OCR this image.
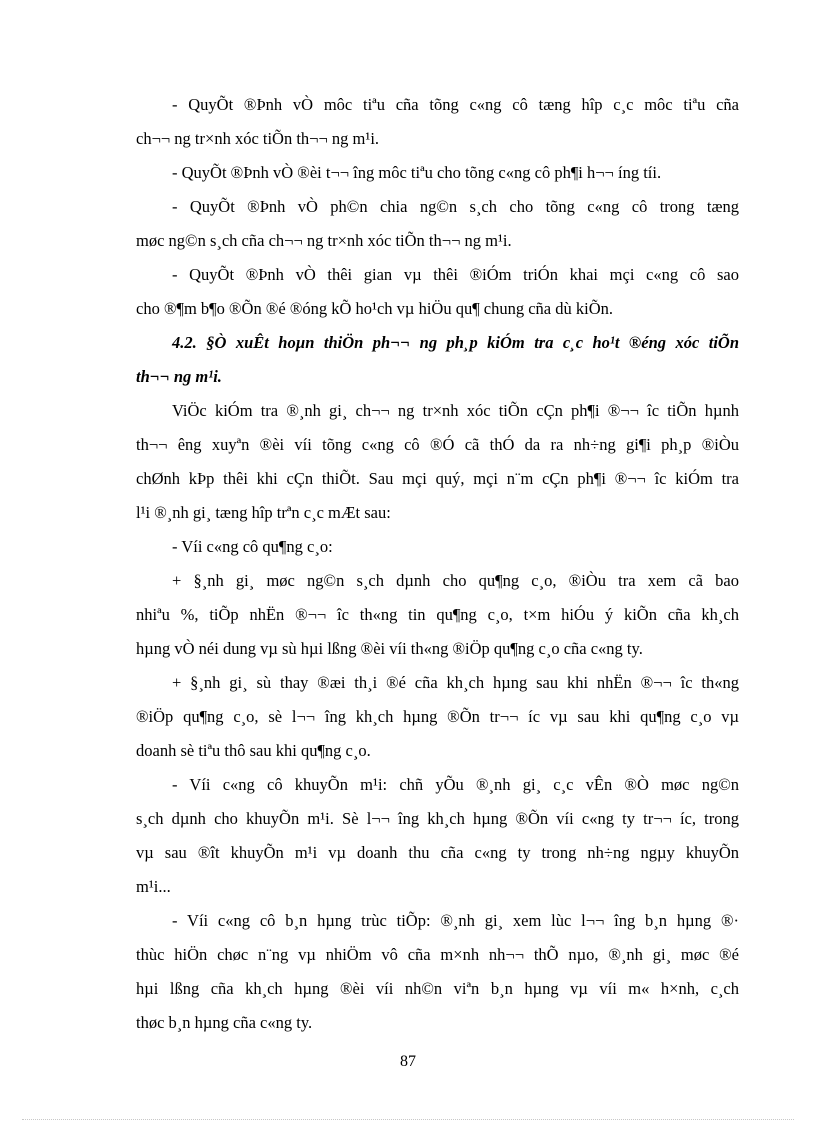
- QuyÕt ®Þnh vÒ môc tiªu cña tõng c«ng cô tæng hîp c¸c môc tiªu cña
ch¬¬ ng tr×nh xóc tiÕn th¬¬ ng m¹i.
- QuyÕt ®Þnh vÒ ®èi t¬¬ îng môc tiªu cho tõng c«ng cô ph¶i h¬¬ íng tíi.
- QuyÕt ®Þnh vÒ ph©n chia ng©n s¸ch cho tõng c«ng cô trong tæng
møc ng©n s¸ch cña ch¬¬ ng tr×nh xóc tiÕn th¬¬ ng m¹i.
- QuyÕt ®Þnh vÒ thêi gian vµ thêi ®iÓm triÓn khai mçi c«ng cô sao
cho ®¶m b¶o ®Õn ®é ®óng kÕ ho¹ch vµ hiÖu qu¶ chung cña dù kiÕn.
4.2. §Ò xuÊt hoµn thiÖn ph¬¬ ng ph¸p kiÓm tra c¸c ho¹t ®éng xóc tiÕn
th¬¬ ng m¹i.
ViÖc kiÓm tra ®¸nh gi¸ ch¬¬ ng tr×nh xóc tiÕn cÇn ph¶i ®¬¬ îc tiÕn hµnh
th¬¬ êng xuyªn ®èi víi tõng c«ng cô ®Ó cã thÓ da ra nh÷ng gi¶i ph¸p ®iÒu
chØnh kÞp thêi khi cÇn thiÕt. Sau mçi quý, mçi n¨m cÇn ph¶i ®¬¬ îc kiÓm tra
l¹i ®¸nh gi¸ tæng hîp trªn c¸c mÆt sau:
- Víi c«ng cô qu¶ng c¸o:
+ §¸nh gi¸ møc ng©n s¸ch dµnh cho qu¶ng c¸o, ®iÒu tra xem cã bao
nhiªu %, tiÕp nhËn ®¬¬ îc th«ng tin qu¶ng c¸o, t×m hiÓu ý kiÕn cña kh¸ch
hµng vÒ néi dung vµ sù hµi lßng ®èi víi th«ng ®iÖp qu¶ng c¸o cña c«ng ty.
+ §¸nh gi¸ sù thay ®æi th¸i ®é cña kh¸ch hµng sau khi nhËn ®¬¬ îc th«ng
®iÖp qu¶ng c¸o, sè l¬¬ îng kh¸ch hµng ®Õn tr¬¬ íc vµ sau khi qu¶ng c¸o vµ
doanh sè tiªu thô sau khi qu¶ng c¸o.
- Víi c«ng cô khuyÕn m¹i: chñ yÕu ®¸nh gi¸ c¸c vÊn ®Ò møc ng©n
s¸ch dµnh cho khuyÕn m¹i. Sè l¬¬ îng kh¸ch hµng ®Õn víi c«ng ty tr¬¬ íc, trong
vµ sau ®ît khuyÕn m¹i vµ doanh thu cña c«ng ty trong nh÷ng ngµy khuyÕn
m¹i...
- Víi c«ng cô b¸n hµng trùc tiÕp: ®¸nh gi¸ xem lùc l¬¬ îng b¸n hµng ®·
thùc hiÖn chøc n¨ng vµ nhiÖm vô cña m×nh nh¬¬ thÕ nµo, ®¸nh gi¸ møc ®é
hµi lßng cña kh¸ch hµng ®èi víi nh©n viªn b¸n hµng vµ víi m« h×nh, c¸ch
thøc b¸n hµng cña c«ng ty.
87
